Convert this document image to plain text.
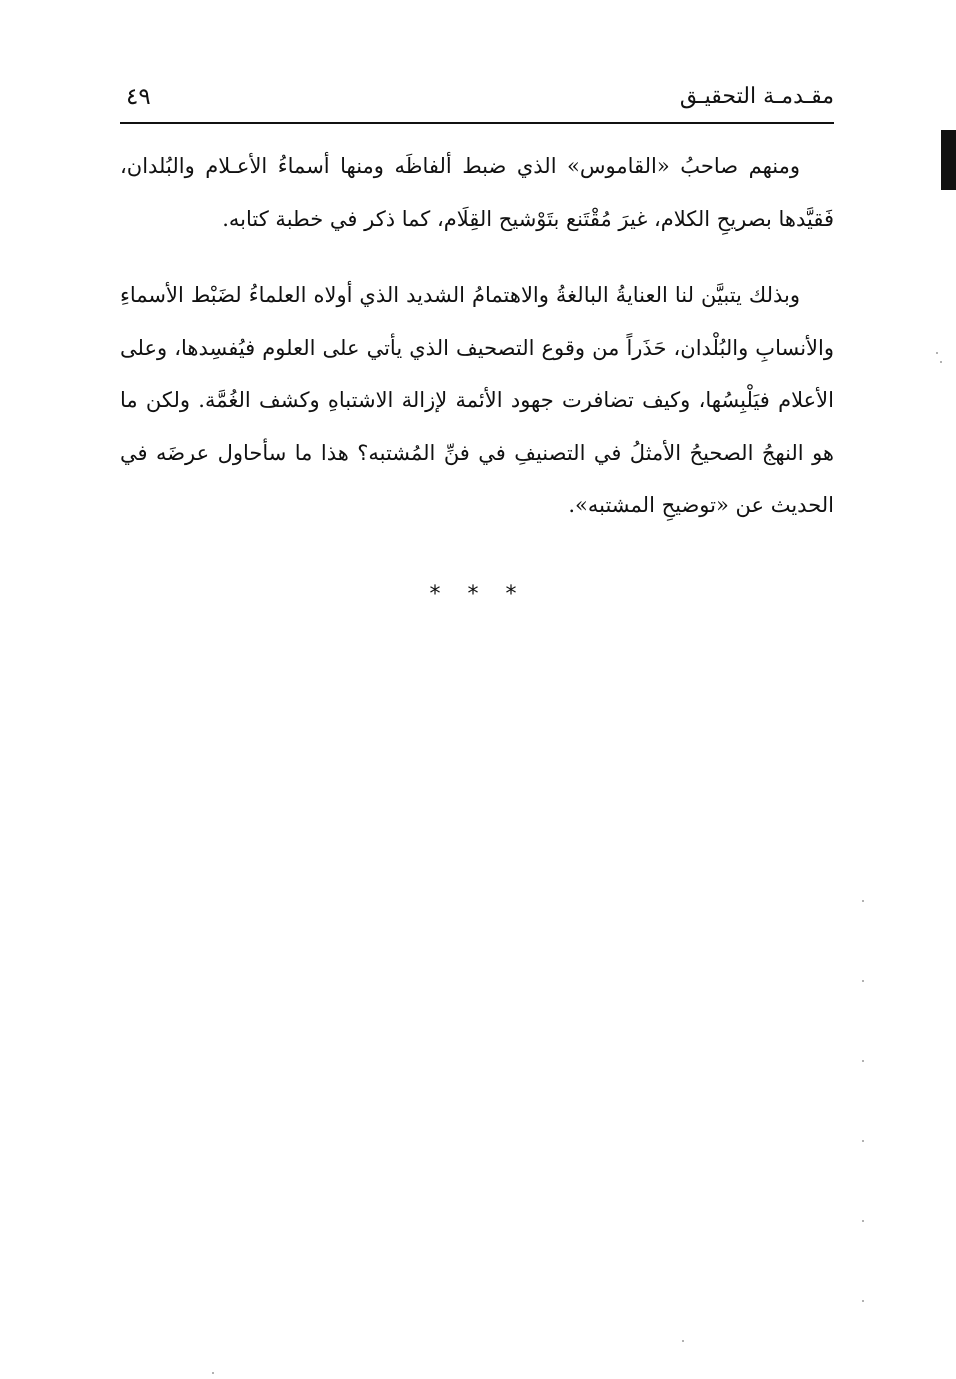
مقـدمـة التحقيـق
٤٩

ومنهم صاحبُ «القاموس» الذي ضبط ألفاظَه ومنها أسماءُ الأعـلام والبُلدان، فَقيَّدها بصريحِ الكلام، غيرَ مُقْتَنع بتَوْشيح القِلَام، كما ذكر في خطبة كتابه.

وبذلك يتبيَّن لنا العنايةُ البالغةُ والاهتمامُ الشديد الذي أولاه العلماءُ لضَبْط الأسماءِ والأنسابِ والبُلْدان، حَذَراً من وقوع التصحيف الذي يأتي على العلوم فيُفسِدها، وعلى الأعلام فيَلْبِسُها، وكيف تضافرت جهود الأئمة لإزالة الاشتباهِ وكشف الغُمَّة. ولكن ما هو النهجُ الصحيحُ الأمثلُ في التصنيفِ في فنِّ المُشتبه؟ هذا ما سأحاول عرضَه في الحديث عن «توضيحِ المشتبه».

* * *
